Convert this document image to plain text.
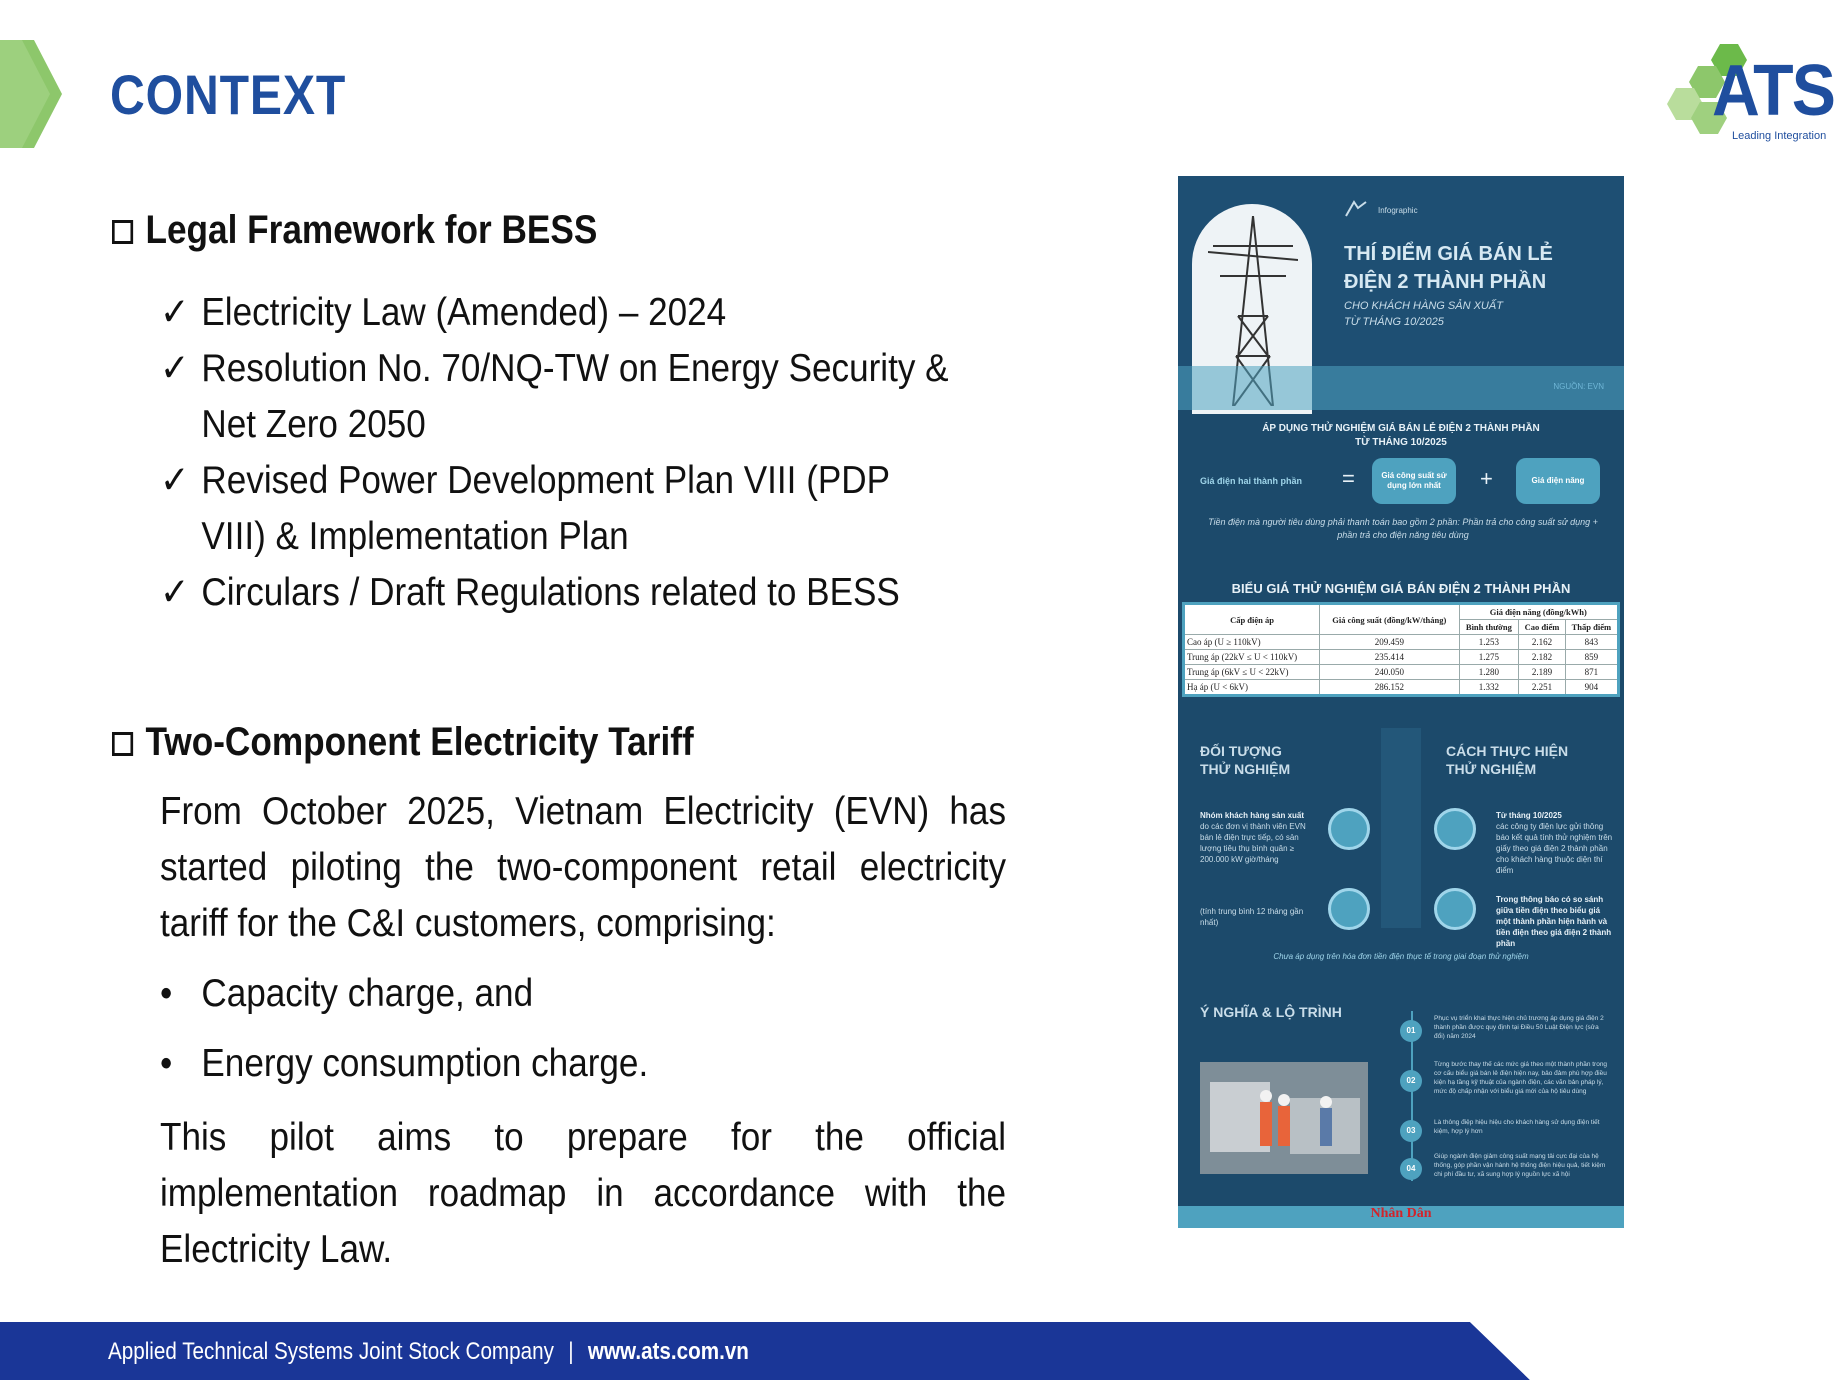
CONTEXT	ATS
Leading Integration
Legal Framework for BESS
✓ Electricity Law (Amended) – 2024
✓ Resolution No. 70/NQ-TW on Energy Security & Net Zero 2050
✓ Revised Power Development Plan VIII (PDP VIII) & Implementation Plan
✓ Circulars / Draft Regulations related to BESS
Two-Component Electricity Tariff
From October 2025, Vietnam Electricity (EVN) has started piloting the two-component retail electricity tariff for the C&I customers, comprising:
• Capacity charge, and
• Energy consumption charge.
This pilot aims to prepare for the official implementation roadmap in accordance with the Electricity Law.
Infographic
THÍ ĐIỂM GIÁ BÁN LẺ
ĐIỆN 2 THÀNH PHẦN
CHO KHÁCH HÀNG SẢN XUẤT
TỪ THÁNG 10/2025
NGUỒN: EVN
ÁP DỤNG THỬ NGHIỆM GIÁ BÁN LẺ ĐIỆN 2 THÀNH PHẦN
TỪ THÁNG 10/2025
Giá điện hai thành phần =	Giá công suất sử dụng lớn nhất	+	Giá điện năng
Tiền điện mà người tiêu dùng phải thanh toán bao gồm 2 phần: Phần trả cho công suất sử dụng + phần trả cho điện năng tiêu dùng
BIỂU GIÁ THỬ NGHIỆM GIÁ BÁN ĐIỆN 2 THÀNH PHẦN
Cấp điện áp	Giá công suất (đồng/kW/tháng)	Giá điện năng (đồng/kWh)		
		Bình thường	Cao điểm	Thấp điểm
Cao áp (U ≥ 110kV)	209.459	1.253	2.162	843
Trung áp (22kV ≤ U < 110kV)	235.414	1.275	2.182	859
Trung áp (6kV ≤ U < 22kV)	240.050	1.280	2.189	871
Hạ áp (U < 6kV)	286.152	1.332	2.251	904
ĐỐI TƯỢNG
THỬ NGHIỆM
CÁCH THỰC HIỆN
THỬ NGHIỆM
Nhóm khách hàng sản xuất
do các đơn vị thành viên EVN bán lẻ điện trực tiếp, có sản lượng tiêu thụ bình quân ≥ 200.000 kW giờ/tháng
(tính trung bình 12 tháng gần nhất)
Từ tháng 10/2025
các công ty điện lực gửi thông báo kết quả tính thử nghiệm trên giấy theo giá điện 2 thành phần cho khách hàng thuộc diện thí điểm
Trong thông báo có so sánh giữa tiền điện theo biểu giá một thành phần hiện hành và tiền điện theo giá điện 2 thành phần
Chưa áp dụng trên hóa đơn tiền điện thực tế trong giai đoạn thử nghiệm
Ý NGHĨA & LỘ TRÌNH
01
Phục vụ triển khai thực hiện chủ trương áp dụng giá điện 2 thành phần được quy định tại Điều 50 Luật Điện lực (sửa đổi) năm 2024
02
Từng bước thay thế các mức giá theo một thành phần trong cơ cấu biểu giá bán lẻ điện hiện nay, bảo đảm phù hợp điều kiện hạ tầng kỹ thuật của ngành điện, các văn bản pháp lý, mức độ chấp nhận với biểu giá mới của hộ tiêu dùng
03
Là thông điệp hiệu hiệu cho khách hàng sử dụng điện tiết kiệm, hợp lý hơn
04
Giúp ngành điện giảm công suất mạng tải cực đại của hệ thống, góp phần vận hành hệ thống điện hiệu quả, tiết kiệm chi phí đầu tư, xã sung hợp lý nguồn lực xã hội
Nhân Dân
Applied Technical Systems Joint Stock Company | www.ats.com.vn
